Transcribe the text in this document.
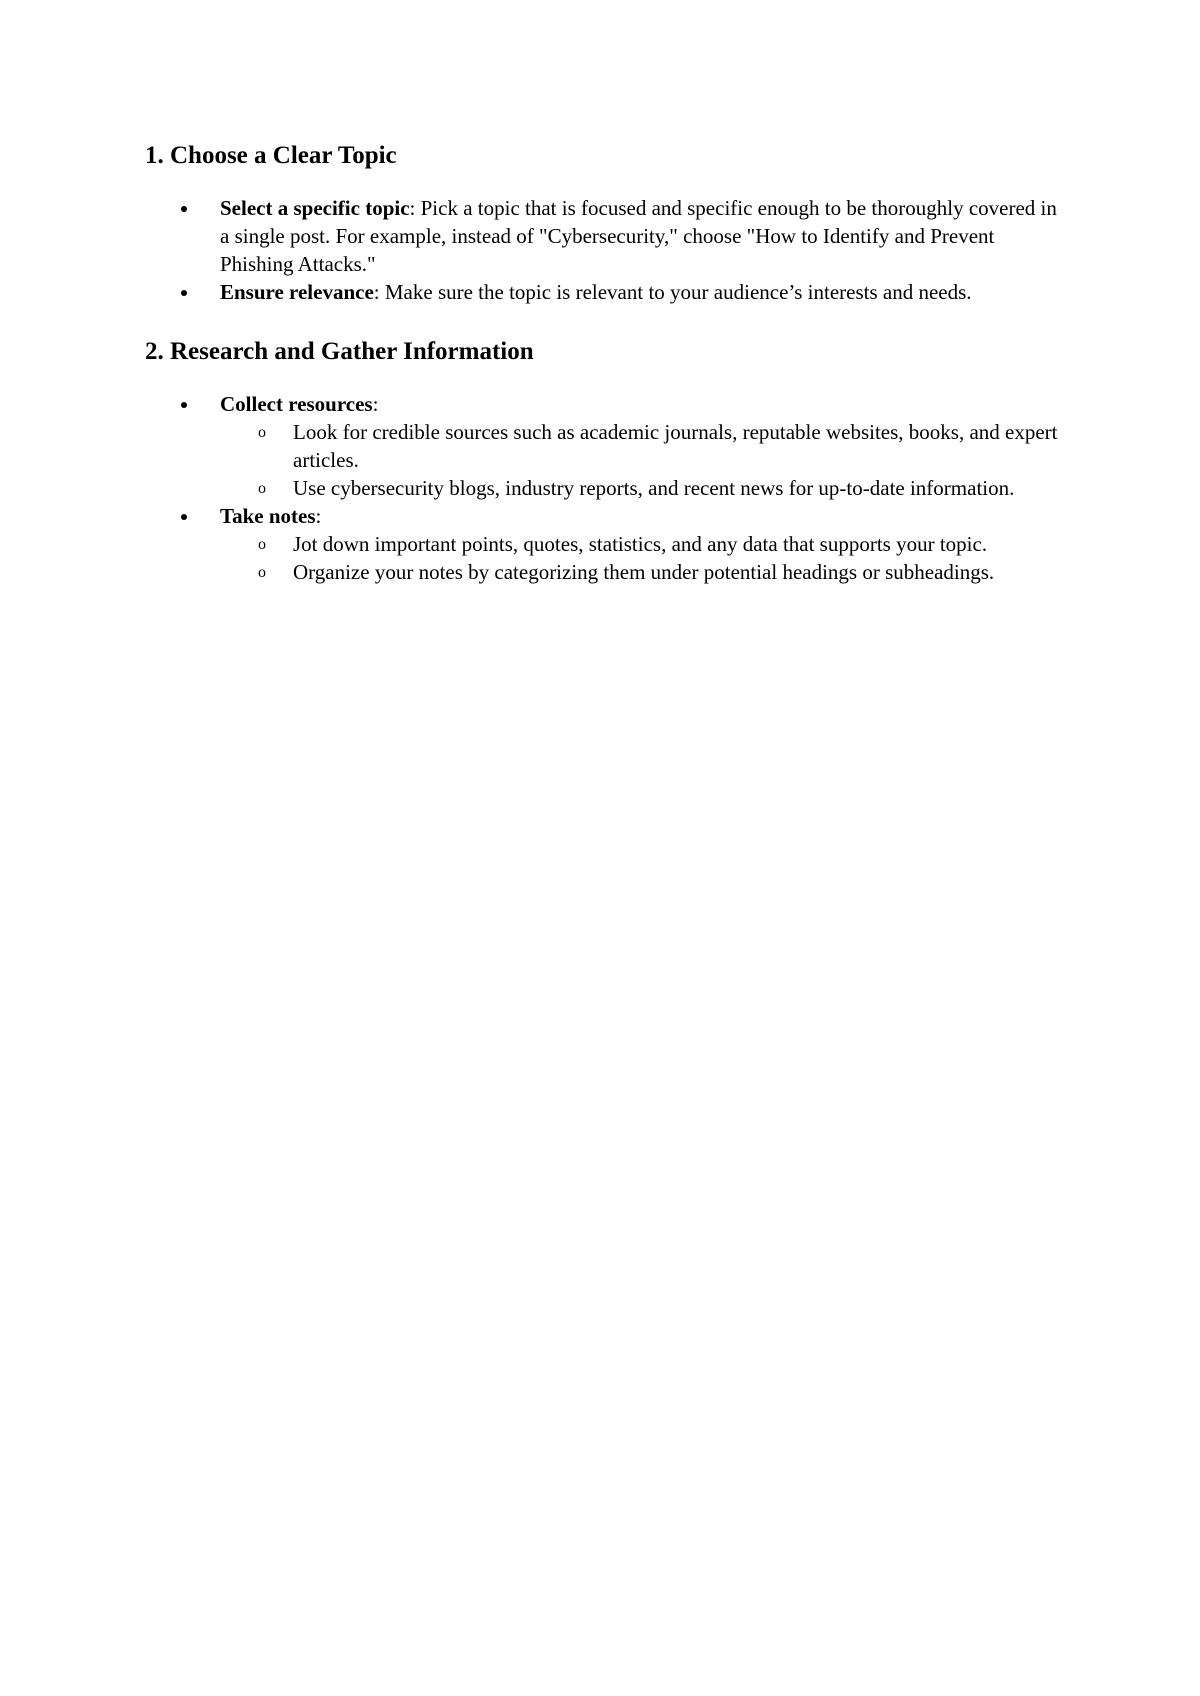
1. Choose a Clear Topic
Select a specific topic: Pick a topic that is focused and specific enough to be thoroughly covered in a single post. For example, instead of "Cybersecurity," choose "How to Identify and Prevent Phishing Attacks."
Ensure relevance: Make sure the topic is relevant to your audience’s interests and needs.
2. Research and Gather Information
Collect resources:
o Look for credible sources such as academic journals, reputable websites, books, and expert articles.
o Use cybersecurity blogs, industry reports, and recent news for up-to-date information.
Take notes:
o Jot down important points, quotes, statistics, and any data that supports your topic.
o Organize your notes by categorizing them under potential headings or subheadings.
